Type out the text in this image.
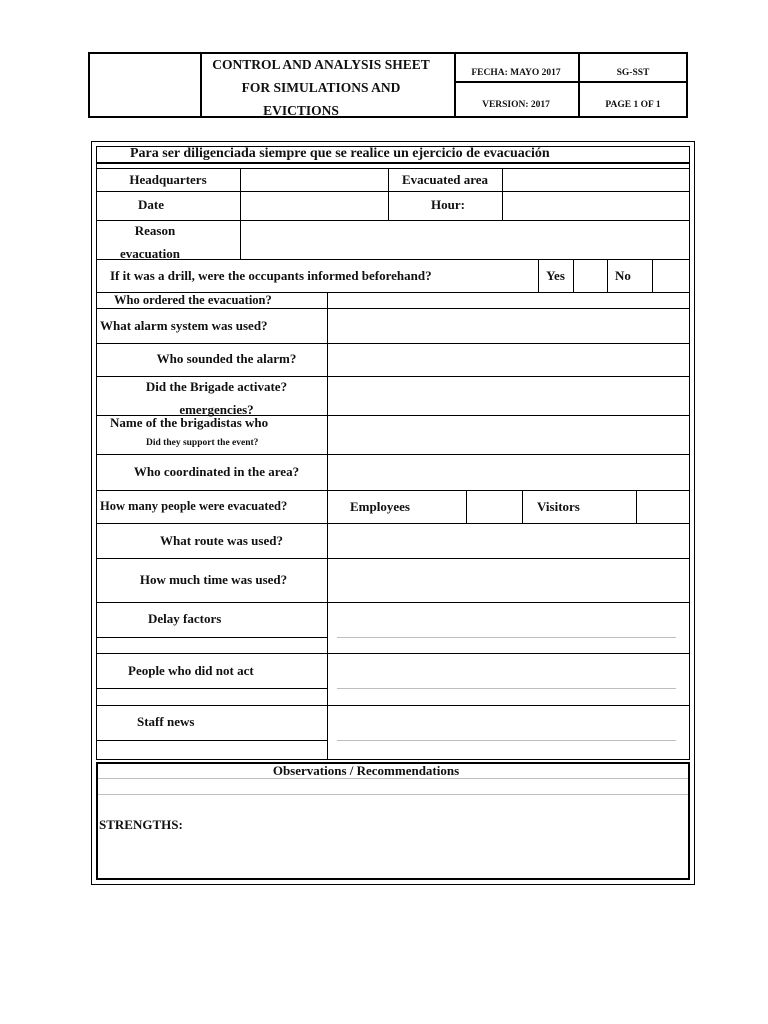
CONTROL AND ANALYSIS SHEET
FOR SIMULATIONS AND
EVICTIONS
FECHA: MAYO 2017	SG-SST
VERSION: 2017	PAGE 1 OF 1
Para ser diligenciada siempre que se realice un ejercicio de evacuación
Headquarters	Evacuated area
Date	Hour:
Reason
evacuation
If it was a drill, were the occupants informed beforehand?	Yes	No
Who ordered the evacuation?
What alarm system was used?
Who sounded the alarm?
Did the Brigade activate?
emergencies?
Name of the brigadistas who
Did they support the event?
Who coordinated in the area?
How many people were evacuated?	Employees	Visitors
What route was used?
How much time was used?
Delay factors
People who did not act
Staff news
Observations / Recommendations
STRENGTHS:
